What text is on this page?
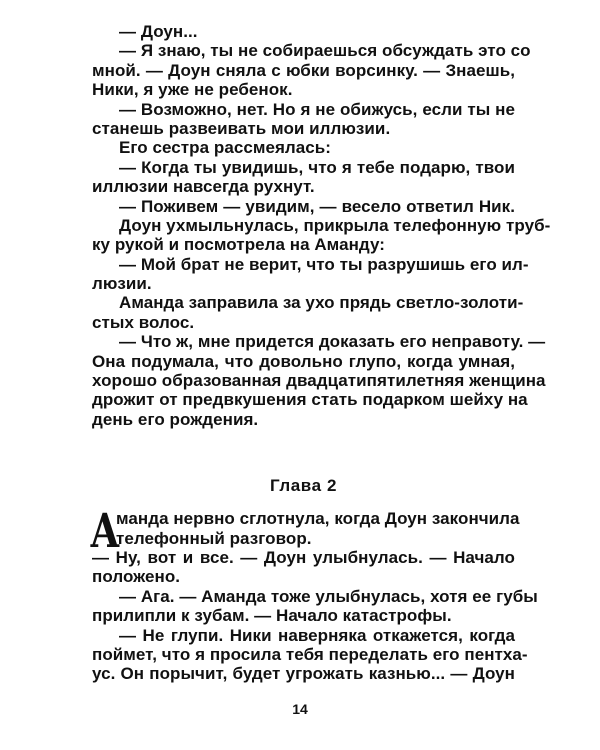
— Доун...
— Я знаю, ты не собираешься обсуждать это со
мной. — Доун сняла с юбки ворсинку. — Знаешь,
Ники, я уже не ребенок.
— Возможно, нет. Но я не обижусь, если ты не
станешь развеивать мои иллюзии.
Его сестра рассмеялась:
— Когда ты увидишь, что я тебе подарю, твои
иллюзии навсегда рухнут.
— Поживем — увидим, — весело ответил Ник.
Доун ухмыльнулась, прикрыла телефонную труб-
ку рукой и посмотрела на Аманду:
— Мой брат не верит, что ты разрушишь его ил-
люзии.
Аманда заправила за ухо прядь светло-золоти-
стых волос.
— Что ж, мне придется доказать его неправоту. —
Она подумала, что довольно глупо, когда умная,
хорошо образованная двадцатипятилетняя женщина
дрожит от предвкушения стать подарком шейху на
день его рождения.
Глава 2
А
манда нервно сглотнула, когда Доун закончила
телефонный разговор.
— Ну, вот и все. — Доун улыбнулась. — Начало
положено.
— Ага. — Аманда тоже улыбнулась, хотя ее губы
прилипли к зубам. — Начало катастрофы.
— Не глупи. Ники наверняка откажется, когда
поймет, что я просила тебя переделать его пентха-
ус. Он порычит, будет угрожать казнью... — Доун
14
